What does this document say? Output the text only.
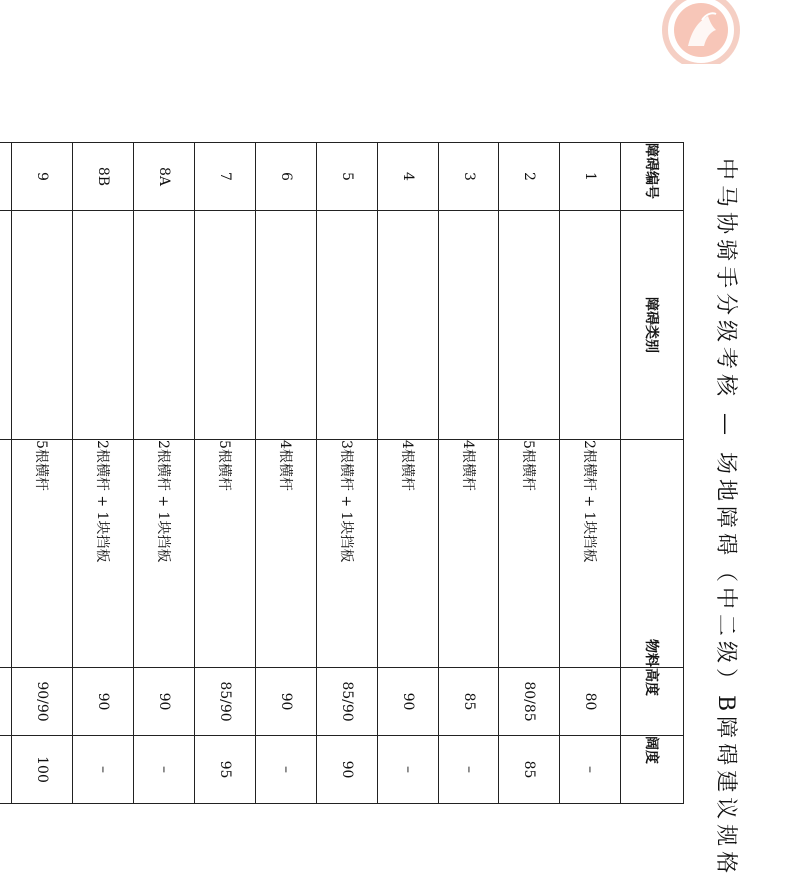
中马协骑手分级考核 — 场地障碍（中二级）B障碍建议规格
障碍编号	障碍类别	物料	高度	阔度
1		2根横杆 + 1块挡板	80	–
2		5根横杆	80/85	85
3		4根横杆	85	–
4		4根横杆	90	–
5		3根横杆 + 1块挡板	85/90	90
6		4根横杆	90	–
7		5根横杆	85/90	95
8A		2根横杆 + 1块挡板	90	–
8B		2根横杆 + 1块挡板	90	–
9		5根横杆	90/90	100
